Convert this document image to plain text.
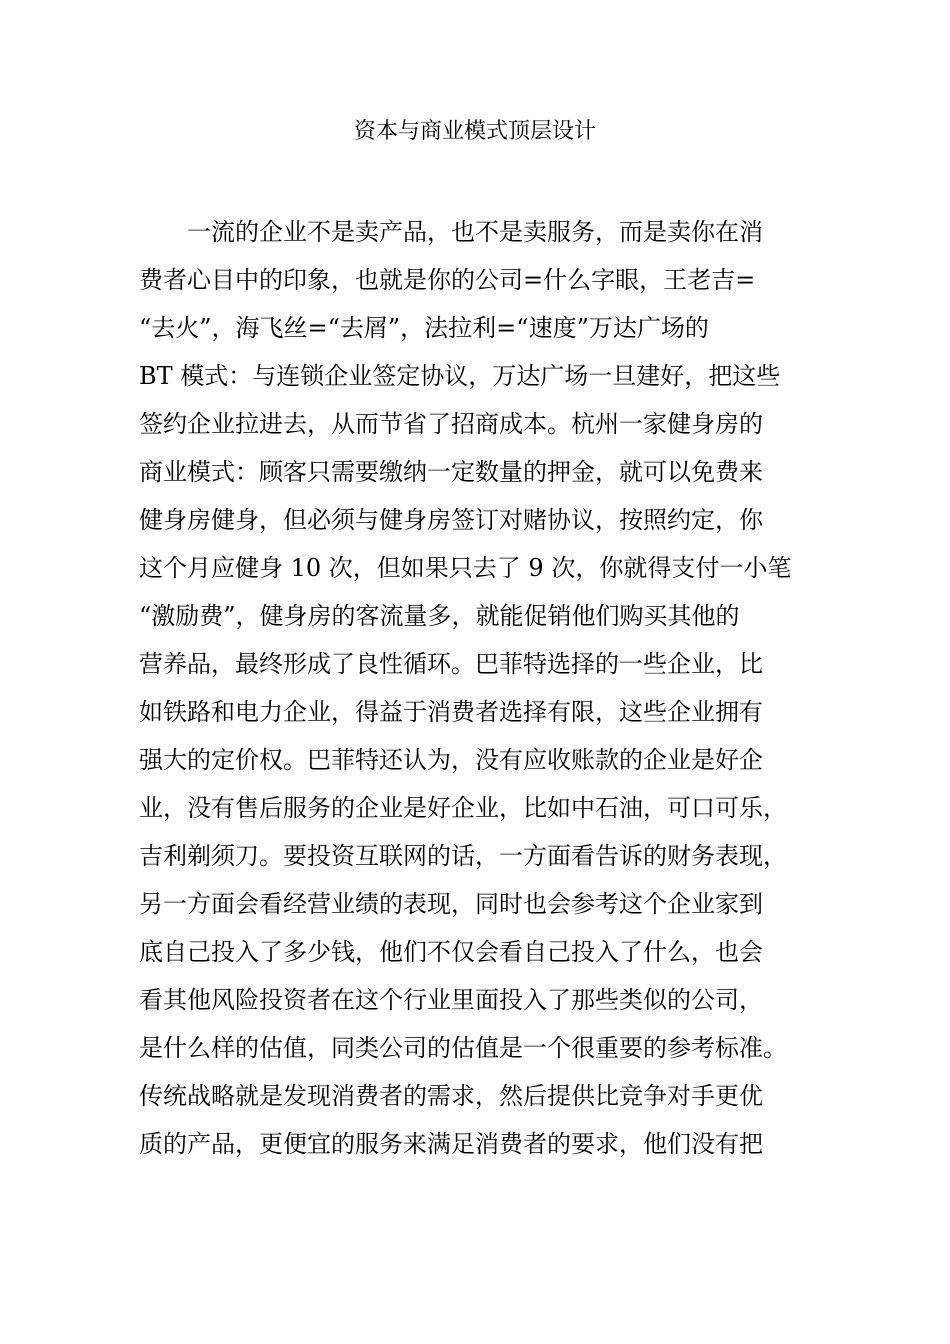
资本与商业模式顶层设计
一流的企业不是卖产品，也不是卖服务，而是卖你在消
费者心目中的印象，也就是你的公司=什么字眼，王老吉=
“去火”，海飞丝=“去屑”，法拉利=“速度”万达广场的
BT 模式：与连锁企业签定协议，万达广场一旦建好，把这些
签约企业拉进去，从而节省了招商成本。杭州一家健身房的
商业模式：顾客只需要缴纳一定数量的押金，就可以免费来
健身房健身，但必须与健身房签订对赌协议，按照约定，你
这个月应健身 10 次，但如果只去了 9 次，你就得支付一小笔
“激励费”，健身房的客流量多，就能促销他们购买其他的
营养品，最终形成了良性循环。巴菲特选择的一些企业，比
如铁路和电力企业，得益于消费者选择有限，这些企业拥有
强大的定价权。巴菲特还认为，没有应收账款的企业是好企
业，没有售后服务的企业是好企业，比如中石油，可口可乐，
吉利剃须刀。要投资互联网的话，一方面看告诉的财务表现，
另一方面会看经营业绩的表现，同时也会参考这个企业家到
底自己投入了多少钱，他们不仅会看自己投入了什么，也会
看其他风险投资者在这个行业里面投入了那些类似的公司，
是什么样的估值，同类公司的估值是一个很重要的参考标准。
传统战略就是发现消费者的需求，然后提供比竞争对手更优
质的产品，更便宜的服务来满足消费者的要求，他们没有把
